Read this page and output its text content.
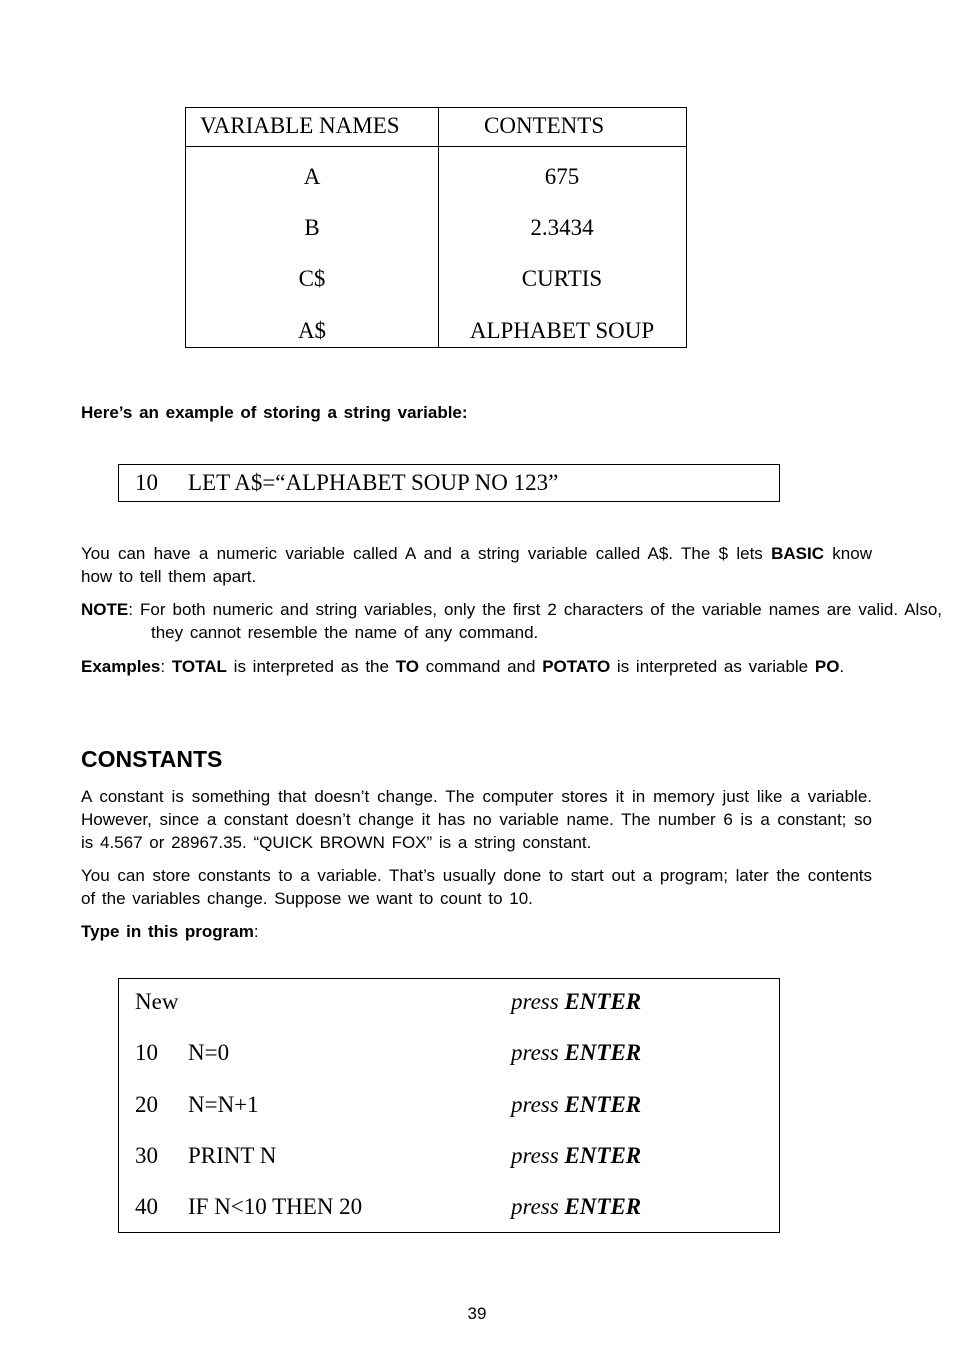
VARIABLE NAMES	CONTENTS
A	675
B	2.3434
C$	CURTIS
A$	ALPHABET SOUP
Here’s an example of storing a string variable:
10 LET A$=“ALPHABET SOUP NO 123”
You can have a numeric variable called A and a string variable called A$. The $ lets BASIC know how to tell them apart.
NOTE: For both numeric and string variables, only the first 2 characters of the variable names are valid. Also, they cannot resemble the name of any command.
Examples: TOTAL is interpreted as the TO command and POTATO is interpreted as variable PO.
CONSTANTS
A constant is something that doesn’t change. The computer stores it in memory just like a variable. However, since a constant doesn’t change it has no variable name. The number 6 is a constant; so is 4.567 or 28967.35. “QUICK BROWN FOX” is a string constant.
You can store constants to a variable. That’s usually done to start out a program; later the contents of the variables change. Suppose we want to count to 10.
Type in this program:
New	press ENTER
10 N=0	press ENTER
20 N=N+1	press ENTER
30 PRINT N	press ENTER
40 IF N<10 THEN 20	press ENTER
39
